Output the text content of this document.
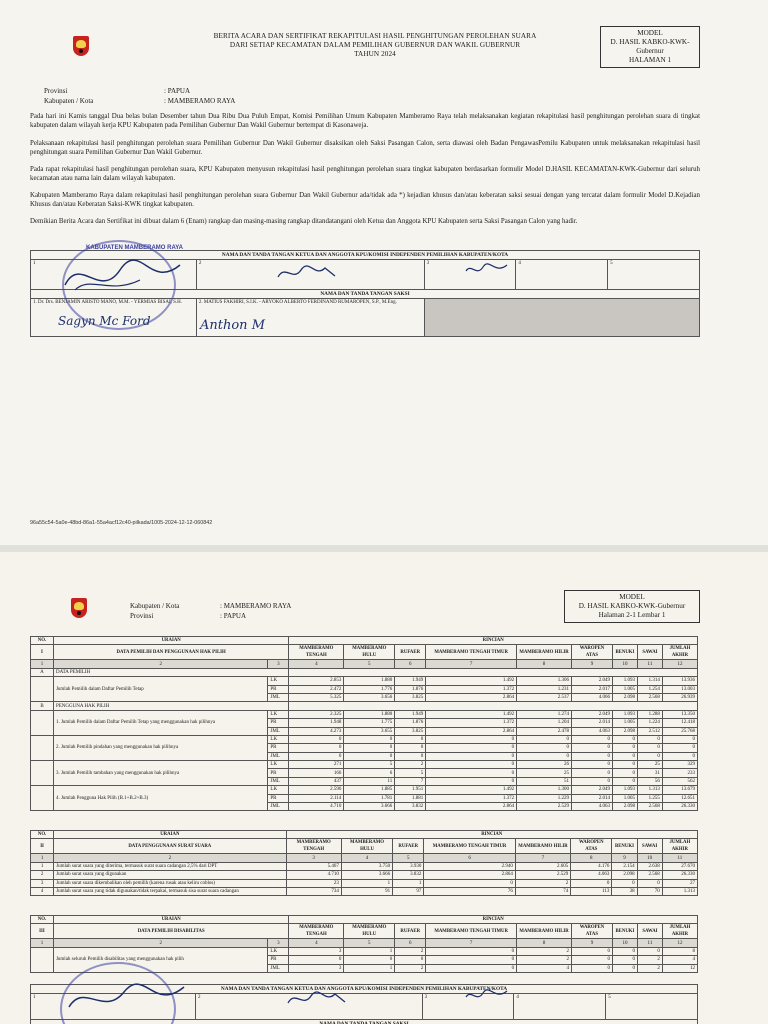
BERITA ACARA DAN SERTIFIKAT REKAPITULASI HASIL PENGHITUNGAN PEROLEHAN SUARA
DARI SETIAP KECAMATAN DALAM PEMILIHAN GUBERNUR DAN WAKIL GUBERNUR
TAHUN 2024
MODEL
D. HASIL KABKO-KWK-
Gubernur
HALAMAN 1
Provinsi	: PAPUA
Kabupaten / Kota	: MAMBERAMO RAYA
Pada hari ini Kamis tanggal Dua belas bulan Desember tahun Dua Ribu Dua Puluh Empat, Komisi Pemilihan Umum Kabupaten Mamberamo Raya telah melaksanakan kegiatan rekapitulasi hasil penghitungan perolehan suara di tingkat kabupaten dalam wilayah kerja KPU Kabupaten pada Pemilihan Gubernur Dan Wakil Gubernur bertempat di Kasonaweja.
Pelaksanaan rekapitulasi hasil penghitungan perolehan suara Pemilihan Gubernur Dan Wakil Gubernur disaksikan oleh Saksi Pasangan Calon, serta diawasi oleh Badan PengawasPemilu Kabupaten untuk melaksanakan rekapitulasi hasil penghitungan suara Pemilihan Gubernur Dan Wakil Gubernur.
Pada rapat rekapitulasi hasil penghitungan perolehan suara, KPU Kabupaten menyusun rekapitulasi hasil penghitungan perolehan suara tingkat kabupaten berdasarkan formulir Model D.HASIL KECAMATAN-KWK-Gubernur dari seluruh kecamatan atau nama lain dalam wilayah kabupaten.
Kabupaten Mamberamo Raya dalam rekapitulasi hasil penghitungan perolehan suara Gubernur Dan Wakil Gubernur ada/tidak ada *) kejadian khusus dan/atau keberatan saksi sesuai dengan yang tercatat dalam formulir Model D.Kejadian Khusus dan/atau Keberatan Saksi-KWK tingkat kabupaten.
Demikian Berita Acara dan Sertifikat ini dibuat dalam 6 (Enam) rangkap dan masing-masing rangkap ditandatangani oleh Ketua dan Anggota KPU Kabupaten serta Saksi Pasangan Calon yang hadir.
NAMA DAN TANDA TANGAN KETUA DAN ANGGOTA KPU/KOMISI INDEPENDEN PEMILIHAN KABUPATEN/KOTA				
1	2	3	4	5
NAMA DAN TANDA TANGAN SAKSI				
1. Dr. Drs. BENJAMIN ARISTO MANO, M.M. - YERMIAS BISAI, S.H.	2. MATIUS FAKHIRI, S.I.K. - ARYOKO ALBERTO FERDINAND RUMAROPEN, S.P., M.Eng.			
KABUPATEN MAMBERAMO RAYA
Sagyn Mc Ford	Anthon M
96a55c54-5a0e-48bd-86a1-55a4acf12c40-pilkada/1005-2024-12-12-060842
Kabupaten / Kota	: MAMBERAMO RAYA
Provinsi	: PAPUA
MODEL
D. HASIL KABKO-KWK-Gubernur
Halaman 2-1 Lembar 1
NO.	URAIAN		RINCIAN								
I	DATA PEMILIH DAN PENGGUNAAN HAK PILIH		MAMBERAMO TENGAH	MAMBERAMO HULU	RUFAER	MAMBERAMO TENGAH TIMUR	MAMBERAMO HILIR	WAROPEN ATAS	BENUKI	SAWAI	JUMLAH AKHIR
1	2	3	4	5	6	7	8	9	10	11	12
A	DATA PEMILIH										
	Jumlah Pemilih dalam Daftar Pemilih Tetap	LK	2.853	1.880	1.949	1.492	1.306	2.049	1.093	1.314	13.936
		PR	2.472	1.776	1.876	1.372	1.231	2.017	1.005	1.254	13.003
		JML	5.325	3.656	3.825	2.864	2.537	4.066	2.098	2.568	26.939
B	PENGGUNA HAK PILIH										
	1. Jumlah Pemilih dalam Daftar Pemilih Tetap yang menggunakan hak pilihnya	LK	2.325	1.880	1.949	1.492	1.274	2.049	1.093	1.288	13.350
		PR	1.948	1.775	1.876	1.372	1.204	2.014	1.005	1.224	12.418
		JML	4.273	3.655	3.825	2.864	2.478	4.063	2.098	2.512	25.768
	2. Jumlah Pemilih pindahan yang menggunakan hak pilihnya	LK	0	0	0	0	0	0	0	0	0
		PR	0	0	0	0	0	0	0	0	0
		JML	0	0	0	0	0	0	0	0	0
	3. Jumlah Pemilih tambahan yang menggunakan hak pilihnya	LK	271	5	2	0	26	0	0	25	329
		PR	166	6	5	0	25	0	0	31	233
		JML	437	11	7	0	51	0	0	56	562
	4. Jumlah Pengguna Hak Pilih (B.1+B.2+B.3)	LK	2.596	1.885	1.951	1.492	1.300	2.049	1.093	1.313	13.679
		PR	2.114	1.781	1.881	1.372	1.229	2.014	1.005	1.255	12.651
		JML	4.710	3.666	3.832	2.864	2.529	4.063	2.098	2.568	26.330
NO.	URAIAN	RINCIAN								
II	DATA PENGGUNAAN SURAT SUARA	MAMBERAMO TENGAH	MAMBERAMO HULU	RUFAER	MAMBERAMO TENGAH TIMUR	MAMBERAMO HILIR	WAROPEN ATAS	BENUKI	SAWAI	JUMLAH AKHIR
1	2	3	4	5	6	7	8	9	10	11
1	Jumlah surat suara yang diterima, termasuk surat suara cadangan 2,5% dari DPT	5.467	3.750	3.930	2.940	2.605	4.176	2.154	2.638	27.670
2	Jumlah surat suara yang digunakan	4.710	3.666	3.832	2.864	2.529	4.063	2.098	2.568	26.330
3	Jumlah surat suara dikembalikan oleh pemilih (karena rusak atau keliru coblos)	23	1	1	0	2	0	0	0	27
4	Jumlah surat suara yang tidak digunakan/tidak terpakai, termasuk sisa surat suara cadangan	734	91	97	76	74	113	38	70	1.313
NO.	URAIAN		RINCIAN								
III	DATA PEMILIH DISABILITAS		MAMBERAMO TENGAH	MAMBERAMO HULU	RUFAER	MAMBERAMO TENGAH TIMUR	MAMBERAMO HILIR	WAROPEN ATAS	BENUKI	SAWAI	JUMLAH AKHIR
1	2	3	4	5	6	7	8	9	10	11	12
	Jumlah seluruh Pemilih disabilitas yang menggunakan hak pilih	LK	3	1	2	0	2	0	0	0	8
		PR	0	0	0	0	2	0	0	2	4
		JML	3	1	2	0	4	0	0	2	12
NAMA DAN TANDA TANGAN KETUA DAN ANGGOTA KPU/KOMISI INDEPENDEN PEMILIHAN KABUPATEN/KOTA
1	2	3	4	5
NAMA DAN TANDA TANGAN SAKSI
